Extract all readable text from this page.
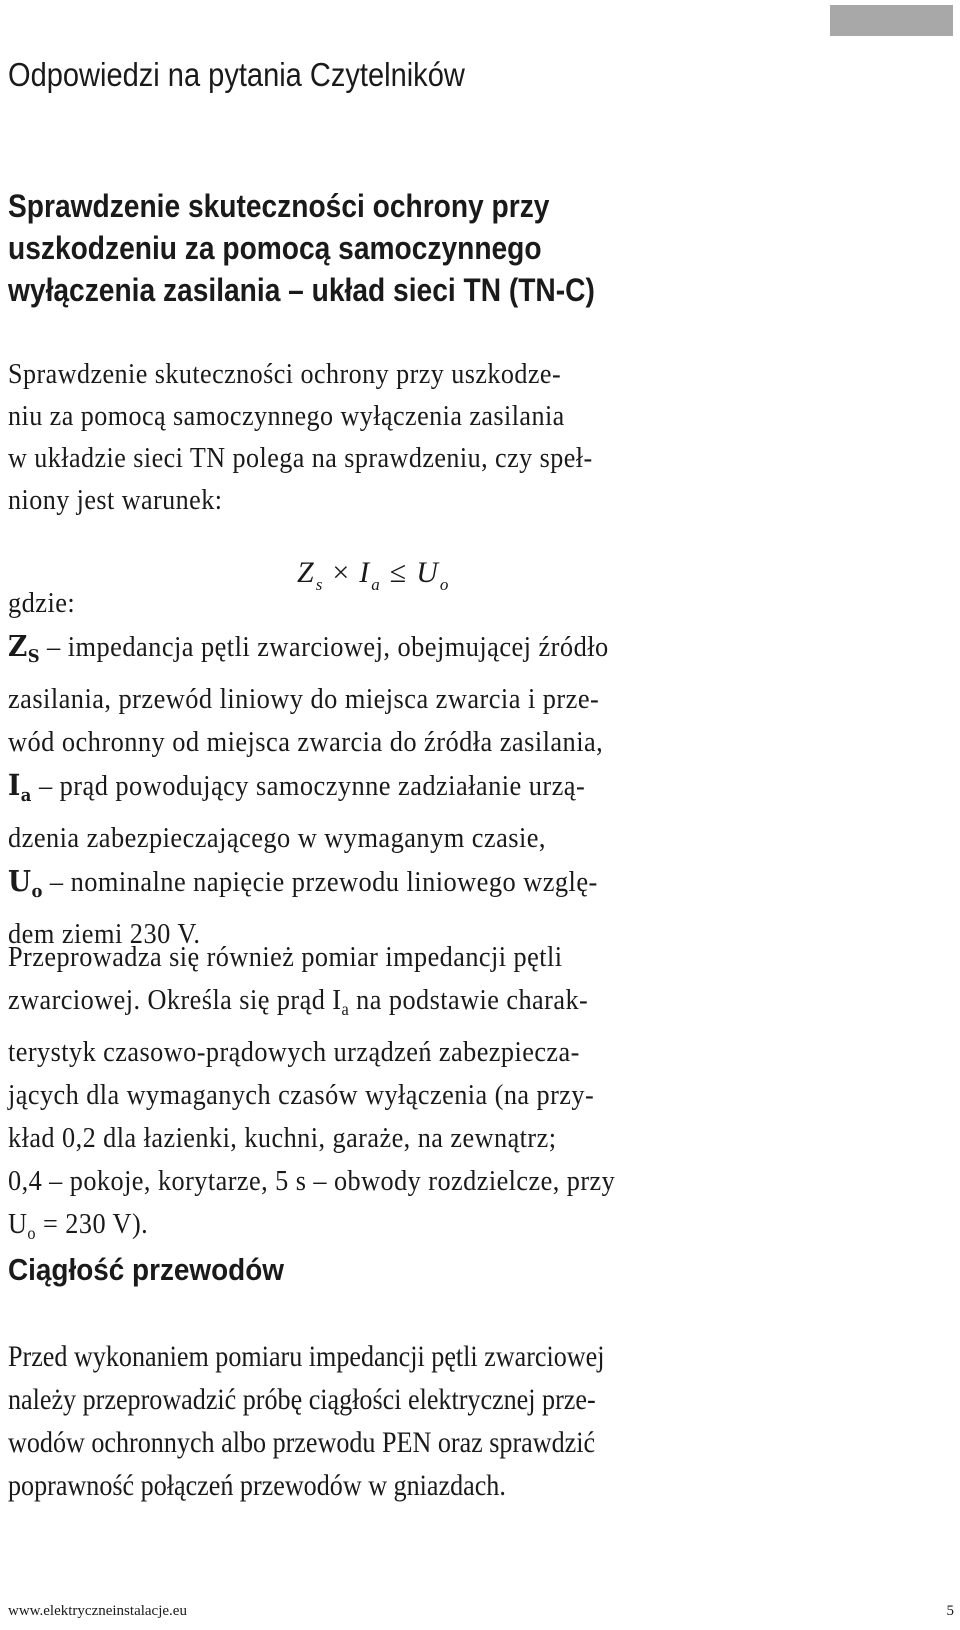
Odpowiedzi na pytania Czytelników
Sprawdzenie skuteczności ochrony przy
uszkodzeniu za pomocą samoczynnego
wyłączenia zasilania – układ sieci TN (TN-C)
Sprawdzenie skuteczności ochrony przy uszkodze-
niu za pomocą samoczynnego wyłączenia zasilania
w układzie sieci TN polega na sprawdzeniu, czy speł-
niony jest warunek:
Z $_s$ × I $_a$ ≤ U $_o$
gdzie:
$Z_S$ – impedancja pętli zwarciowej, obejmującej źródło
zasilania, przewód liniowy do miejsca zwarcia i prze-
wód ochronny od miejsca zwarcia do źródła zasilania,
$I_a$ – prąd powodujący samoczynne zadziałanie urzą-
dzenia zabezpieczającego w wymaganym czasie,
$U_o$ – nominalne napięcie przewodu liniowego wzglę-
dem ziemi 230 V.
Przeprowadza się również pomiar impedancji pętli
zwarciowej. Określa się prąd $I_a$ na podstawie charak-
terystyk czasowo-prądowych urządzeń zabezpiecza-
jących dla wymaganych czasów wyłączenia (na przy-
kład 0,2 dla łazienki, kuchni, garaże, na zewnątrz;
0,4 – pokoje, korytarze, 5 s – obwody rozdzielcze, przy
$U_o = 230$ V).
Ciągłość przewodów
Przed wykonaniem pomiaru impedancji pętli zwarciowej
należy przeprowadzić próbę ciągłości elektrycznej prze-
wodów ochronnych albo przewodu PEN oraz sprawdzić
poprawność połączeń przewodów w gniazdach.
www.elektryczneinstalacje.eu	5
